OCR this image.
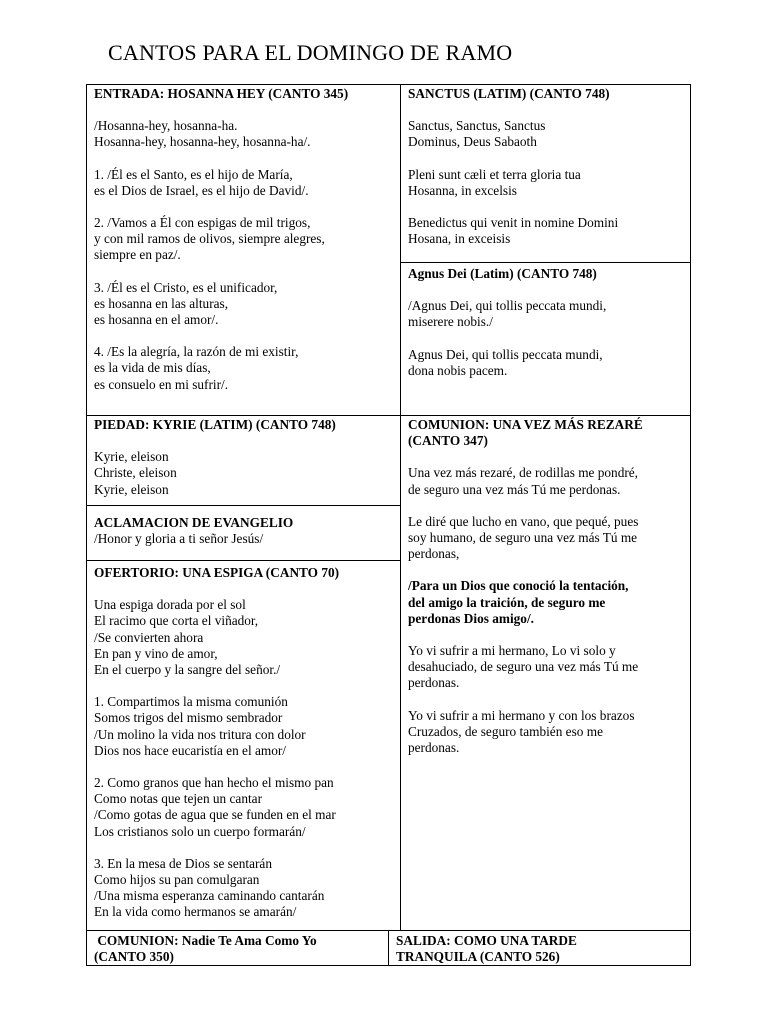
CANTOS PARA EL DOMINGO DE RAMO
ENTRADA: HOSANNA HEY (CANTO 345)

/Hosanna-hey, hosanna-ha.
Hosanna-hey, hosanna-hey, hosanna-ha/.

1. /Él es el Santo, es el hijo de María,
es el Dios de Israel, es el hijo de David/.

2. /Vamos a Él con espigas de mil trigos,
y con mil ramos de olivos, siempre alegres,
siempre en paz/.

3. /Él es el Cristo, es el unificador,
es hosanna en las alturas,
es hosanna en el amor/.

4. /Es la alegría, la razón de mi existir,
es la vida de mis días,
es consuelo en mi sufrir/.

SANCTUS (LATIM) (CANTO 748)

Sanctus, Sanctus, Sanctus
Dominus, Deus Sabaoth

Pleni sunt cæli et terra gloria tua
Hosanna, in excelsis

Benedictus qui venit in nomine Domini
Hosana, in exceisis

Agnus Dei (Latim) (CANTO 748)

/Agnus Dei, qui tollis peccata mundi,
miserere nobis./

Agnus Dei, qui tollis peccata mundi,
dona nobis pacem.

PIEDAD: KYRIE (LATIM) (CANTO 748)

Kyrie, eleison
Christe, eleison
Kyrie, eleison

ACLAMACION DE EVANGELIO

/Honor y gloria a ti señor Jesús/

OFERTORIO: UNA ESPIGA (CANTO 70)

Una espiga dorada por el sol
El racimo que corta el viñador,
/Se convierten ahora
En pan y vino de amor,
En el cuerpo y la sangre del señor./

1. Compartimos la misma comunión
Somos trigos del mismo sembrador
/Un molino la vida nos tritura con dolor
Dios nos hace eucaristía en el amor/

2. Como granos que han hecho el mismo pan
Como notas que tejen un cantar
/Como gotas de agua que se funden en el mar
Los cristianos solo un cuerpo formarán/

3. En la mesa de Dios se sentarán
Como hijos su pan comulgaran
/Una misma esperanza caminando cantarán
En la vida como hermanos se amarán/

COMUNION: UNA VEZ MÁS REZARÉ
(CANTO 347)

Una vez más rezaré, de rodillas me pondré,
de seguro una vez más Tú me perdonas.

Le diré que lucho en vano, que pequé, pues
soy humano, de seguro una vez más Tú me
perdonas,

/Para un Dios que conoció la tentación,
del amigo la traición, de seguro me
perdonas Dios amigo/.

Yo vi sufrir a mi hermano, Lo vi solo y
desahuciado, de seguro una vez más Tú me
perdonas.

Yo vi sufrir a mi hermano y con los brazos
Cruzados, de seguro también eso me
perdonas.

COMUNION: Nadie Te Ama Como Yo
(CANTO 350)
SALIDA: COMO UNA TARDE
TRANQUILA (CANTO 526)
